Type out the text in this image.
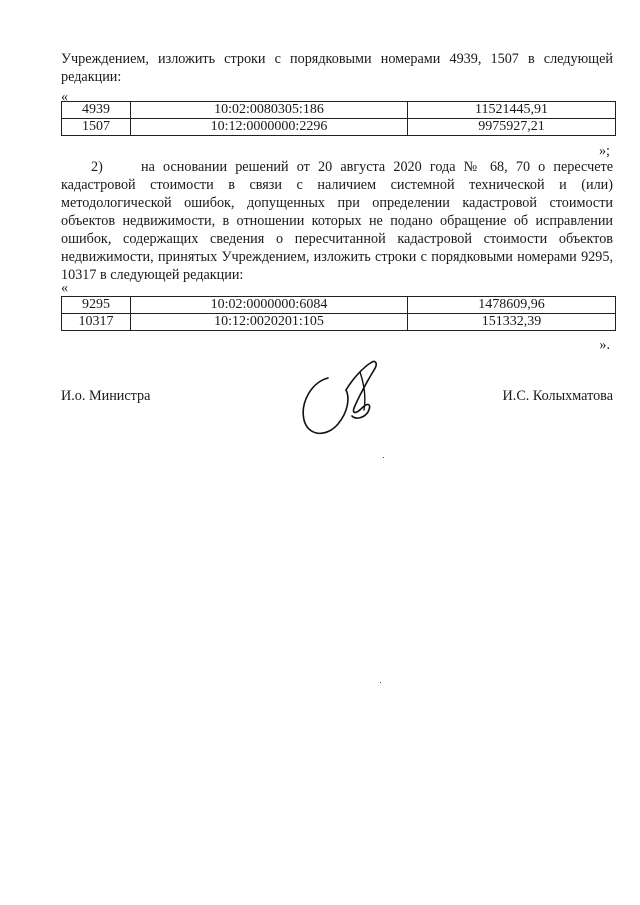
Учреждением, изложить строки с порядковыми номерами 4939, 1507 в следующей редакции:
«
4939	10:02:0080305:186	11521445,91
1507	10:12:0000000:2296	9975927,21
»;
2)	на основании решений от 20 августа 2020 года № 68, 70 о пересчете кадастровой стоимости в связи с наличием системной технической и (или) методологической ошибок, допущенных при определении кадастровой стоимости объектов недвижимости, в отношении которых не подано обращение об исправлении ошибок, содержащих сведения о пересчитанной кадастровой стоимости объектов недвижимости, принятых Учреждением, изложить строки с порядковыми номерами 9295, 10317 в следующей редакции:
«
9295	10:02:0000000:6084	1478609,96
10317	10:12:0020201:105	151332,39
».
И.о. Министра	И.С. Колыхматова
